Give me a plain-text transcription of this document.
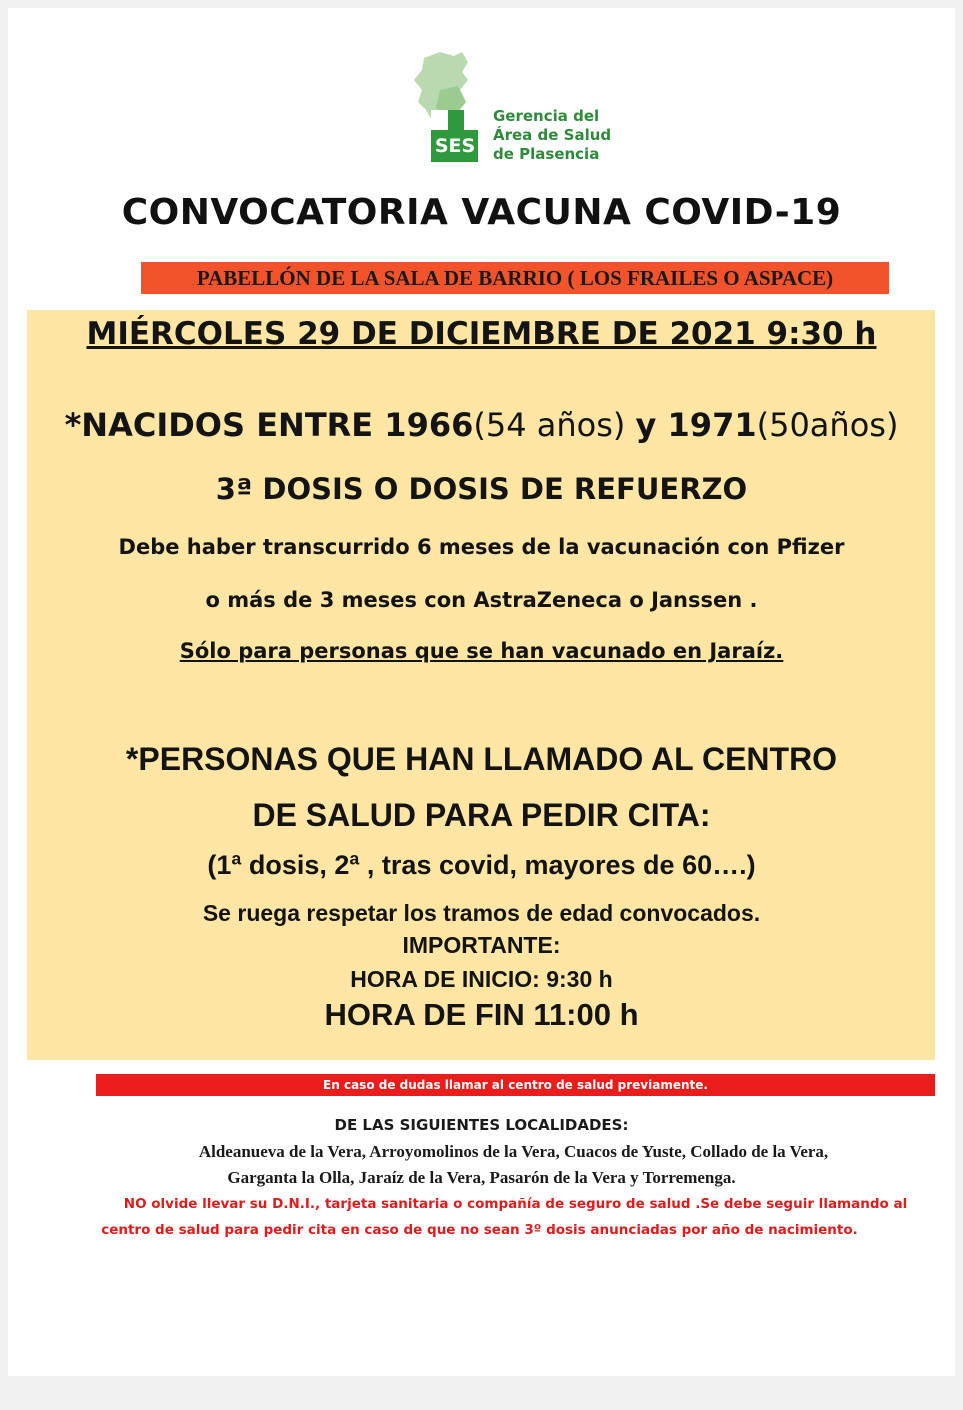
SES
Gerencia del
Área de Salud
de Plasencia
CONVOCATORIA VACUNA COVID-19
PABELLÓN DE LA SALA DE BARRIO ( LOS FRAILES O ASPACE)
MIÉRCOLES 29 DE DICIEMBRE DE 2021 9:30 h
*NACIDOS ENTRE 1966(54 años) y 1971(50años)
3ª DOSIS O DOSIS DE REFUERZO
Debe haber transcurrido 6 meses de la vacunación con Pfizer
o más de 3 meses con AstraZeneca o Janssen .
Sólo para personas que se han vacunado en Jaraíz.
*PERSONAS QUE HAN LLAMADO AL CENTRO
DE SALUD PARA PEDIR CITA:
(1ª dosis, 2ª , tras covid, mayores de 60….)
Se ruega respetar los tramos de edad convocados.
IMPORTANTE:
HORA DE INICIO: 9:30 h
HORA DE FIN 11:00 h
En caso de dudas llamar al centro de salud previamente.
DE LAS SIGUIENTES LOCALIDADES:
Aldeanueva de la Vera, Arroyomolinos de la Vera, Cuacos de Yuste, Collado de la Vera,
Garganta la Olla, Jaraíz de la Vera, Pasarón de la Vera y Torremenga.
NO olvide llevar su D.N.I., tarjeta sanitaria o compañía de seguro de salud .Se debe seguir llamando al
centro de salud para pedir cita en caso de que no sean 3º dosis anunciadas por año de nacimiento.
